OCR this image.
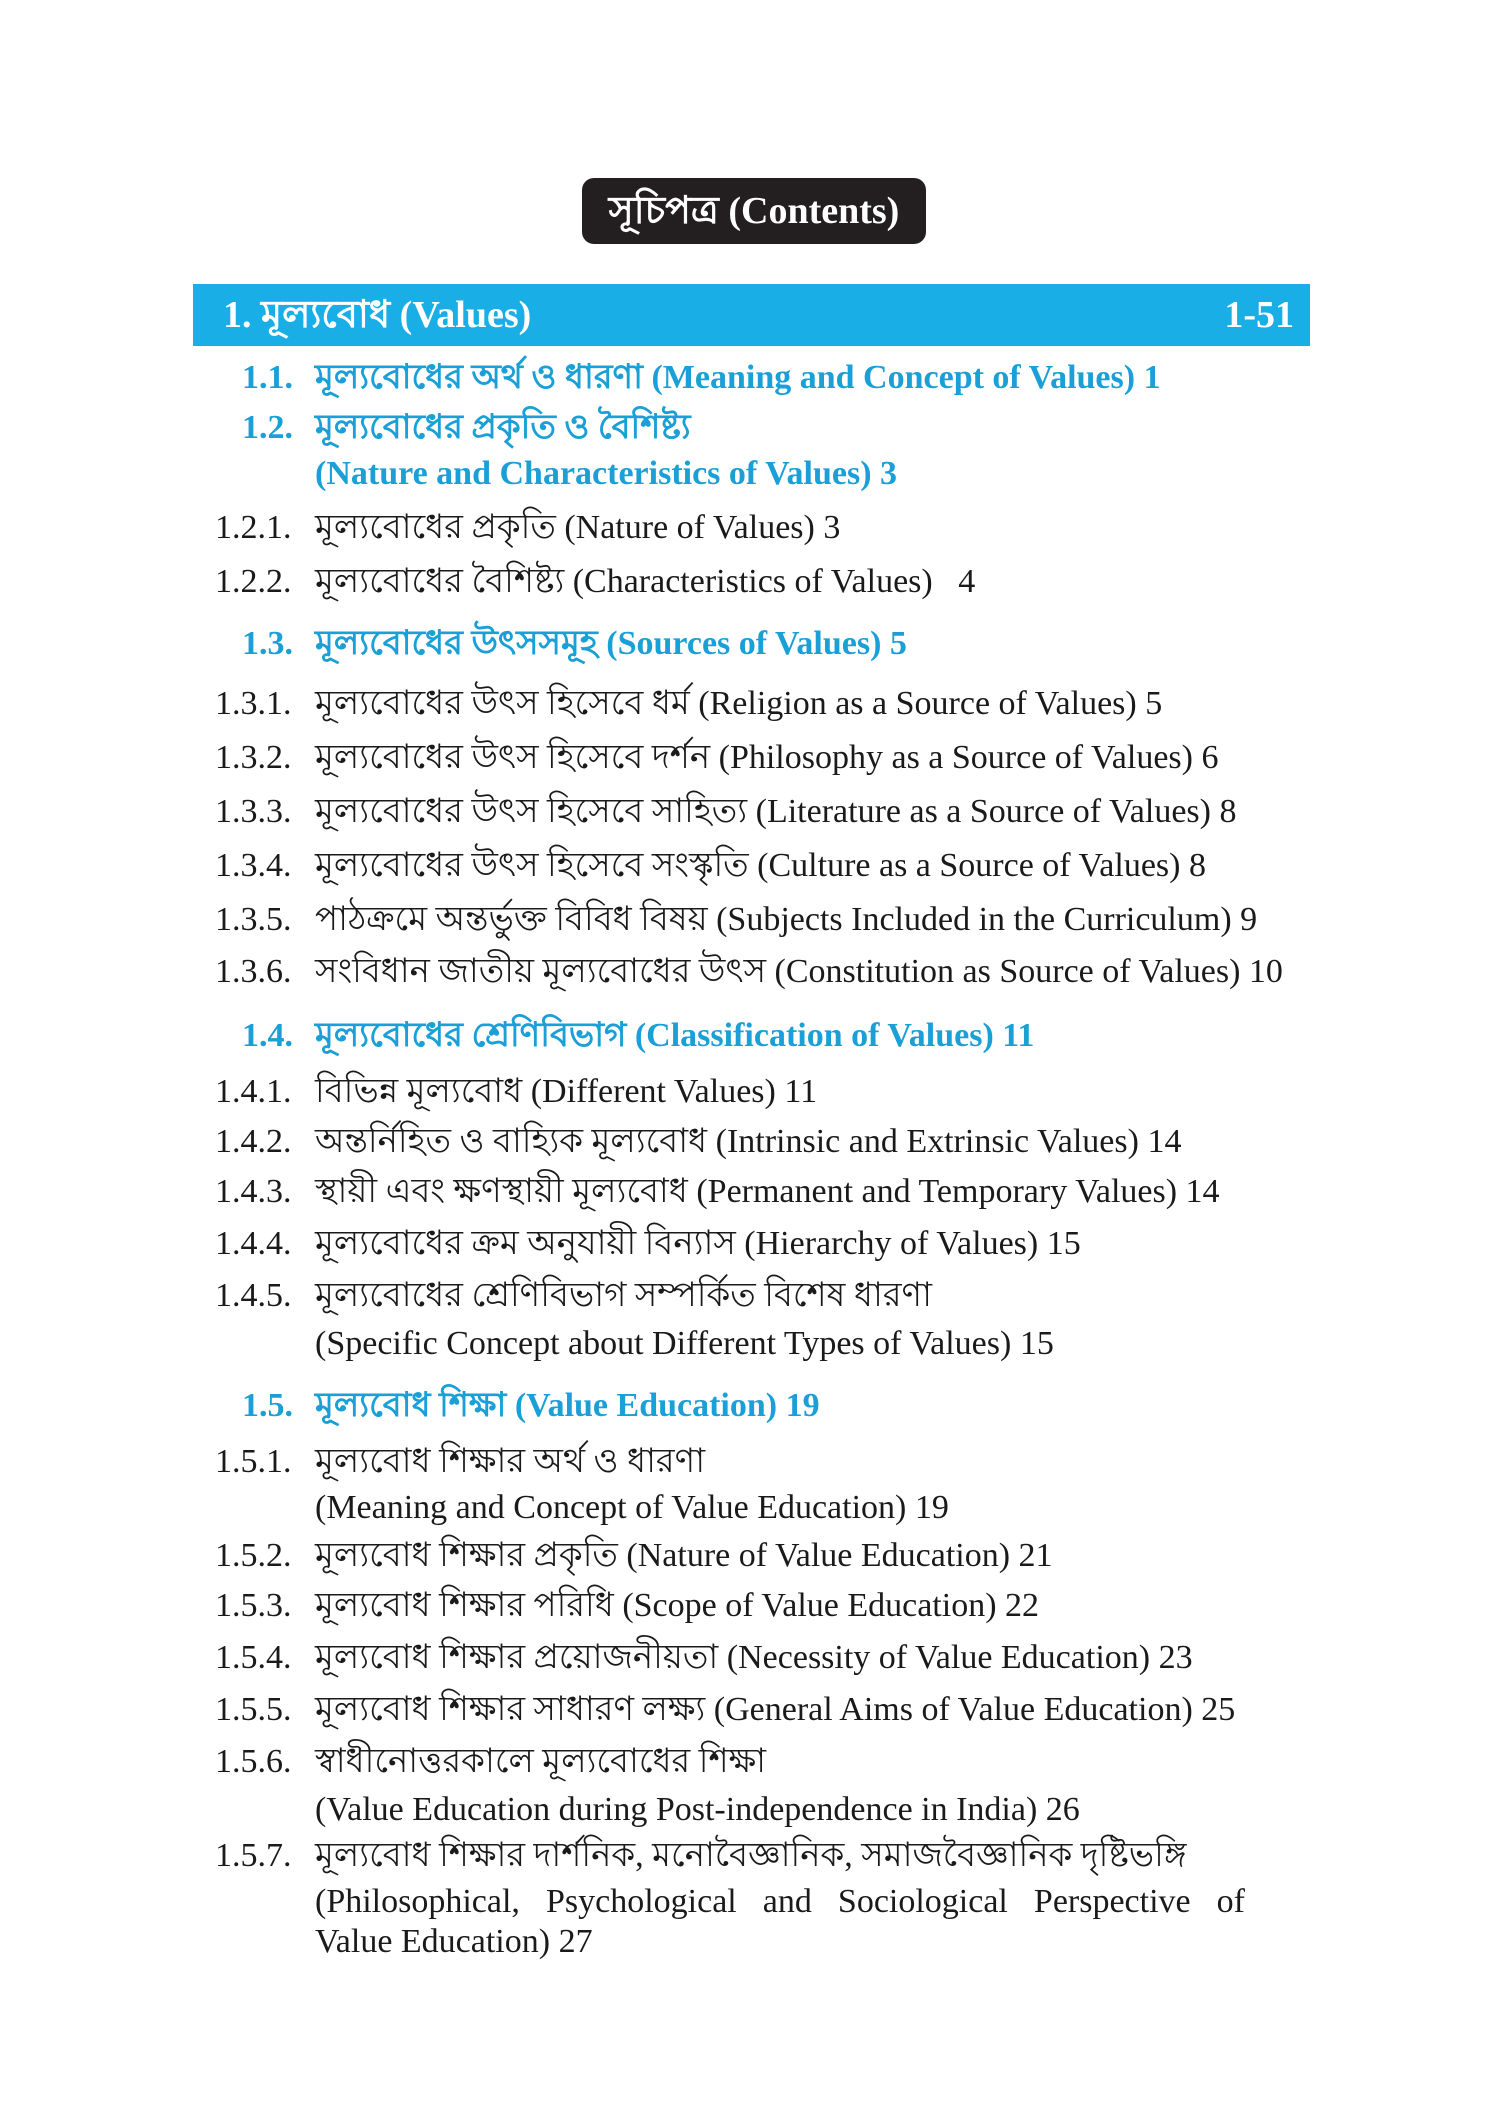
সূচিপত্র (Contents)
1. মূল্যবোধ (Values)	1-51
1.1. মূল্যবোধের অর্থ ও ধারণা (Meaning and Concept of Values) 1
1.2. মূল্যবোধের প্রকৃতি ও বৈশিষ্ট্য
(Nature and Characteristics of Values) 3
1.2.1. মূল্যবোধের প্রকৃতি (Nature of Values) 3
1.2.2. মূল্যবোধের বৈশিষ্ট্য (Characteristics of Values)   4
1.3. মূল্যবোধের উৎসসমূহ (Sources of Values) 5
1.3.1. মূল্যবোধের উৎস হিসেবে ধর্ম (Religion as a Source of Values) 5
1.3.2. মূল্যবোধের উৎস হিসেবে দর্শন (Philosophy as a Source of Values) 6
1.3.3. মূল্যবোধের উৎস হিসেবে সাহিত্য (Literature as a Source of Values) 8
1.3.4. মূল্যবোধের উৎস হিসেবে সংস্কৃতি (Culture as a Source of Values) 8
1.3.5. পাঠক্রমে অন্তর্ভুক্ত বিবিধ বিষয় (Subjects Included in the Curriculum) 9
1.3.6. সংবিধান জাতীয় মূল্যবোধের উৎস (Constitution as Source of Values) 10
1.4. মূল্যবোধের শ্রেণিবিভাগ (Classification of Values) 11
1.4.1. বিভিন্ন মূল্যবোধ (Different Values) 11
1.4.2. অন্তর্নিহিত ও বাহ্যিক মূল্যবোধ (Intrinsic and Extrinsic Values) 14
1.4.3. স্থায়ী এবং ক্ষণস্থায়ী মূল্যবোধ (Permanent and Temporary Values) 14
1.4.4. মূল্যবোধের ক্রম অনুযায়ী বিন্যাস (Hierarchy of Values) 15
1.4.5. মূল্যবোধের শ্রেণিবিভাগ সম্পর্কিত বিশেষ ধারণা
(Specific Concept about Different Types of Values) 15
1.5. মূল্যবোধ শিক্ষা (Value Education) 19
1.5.1. মূল্যবোধ শিক্ষার অর্থ ও ধারণা
(Meaning and Concept of Value Education) 19
1.5.2. মূল্যবোধ শিক্ষার প্রকৃতি (Nature of Value Education) 21
1.5.3. মূল্যবোধ শিক্ষার পরিধি (Scope of Value Education) 22
1.5.4. মূল্যবোধ শিক্ষার প্রয়োজনীয়তা (Necessity of Value Education) 23
1.5.5. মূল্যবোধ শিক্ষার সাধারণ লক্ষ্য (General Aims of Value Education) 25
1.5.6. স্বাধীনোত্তরকালে মূল্যবোধের শিক্ষা
(Value Education during Post-independence in India) 26
1.5.7. মূল্যবোধ শিক্ষার দার্শনিক, মনোবৈজ্ঞানিক, সমাজবৈজ্ঞানিক দৃষ্টিভঙ্গি
(Philosophical, Psychological and Sociological Perspective of
Value Education) 27
